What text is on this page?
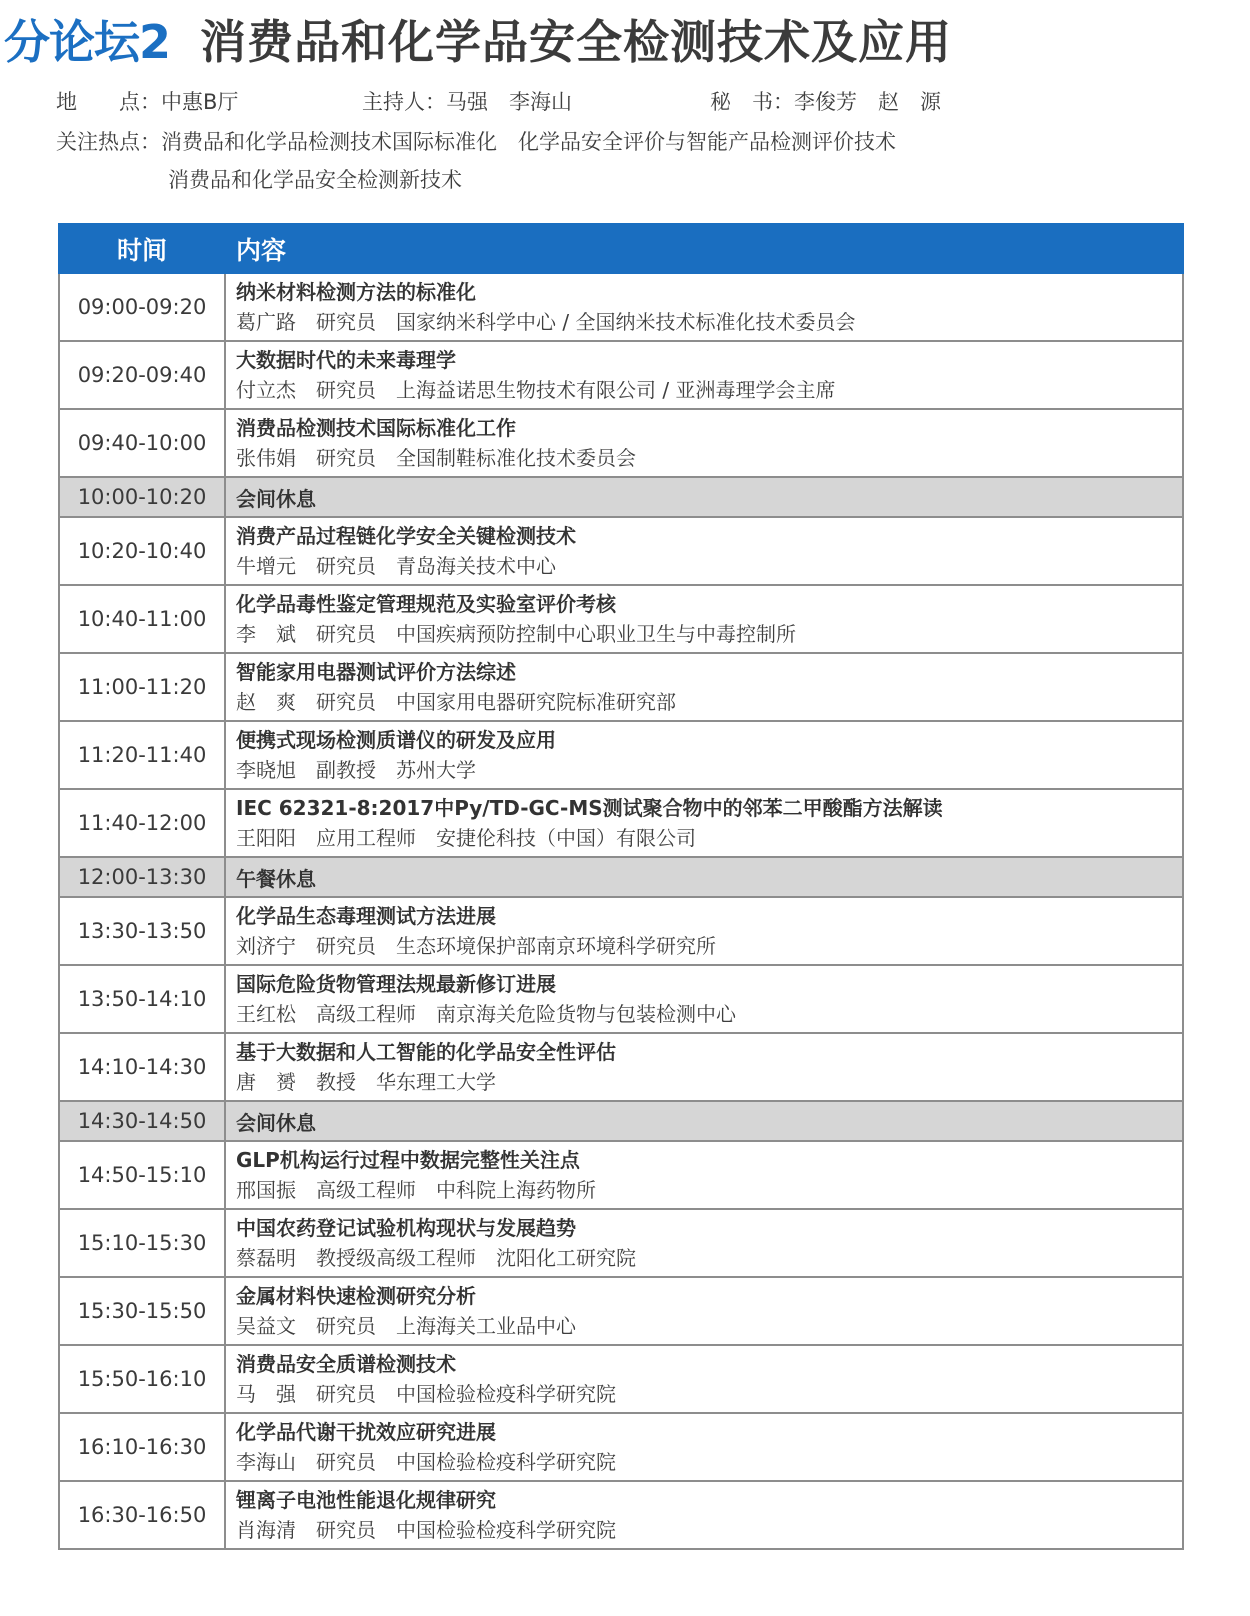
分论坛2 消费品和化学品安全检测技术及应用
地　　点：中惠B厅	主持人：马强　李海山	秘　书：李俊芳　赵　源
关注热点：消费品和化学品检测技术国际标准化　化学品安全评价与智能产品检测评价技术
消费品和化学品安全检测新技术
时间	内容
09:00-09:20	纳米材料检测方法的标准化
葛广路 研究员 国家纳米科学中心 / 全国纳米技术标准化技术委员会

09:20-09:40	大数据时代的未来毒理学
付立杰 研究员 上海益诺思生物技术有限公司 / 亚洲毒理学会主席

09:40-10:00	消费品检测技术国际标准化工作
张伟娟 研究员 全国制鞋标准化技术委员会

10:00-10:20	会间休息
10:20-10:40	消费产品过程链化学安全关键检测技术
牛增元 研究员 青岛海关技术中心

10:40-11:00	化学品毒性鉴定管理规范及实验室评价考核
李　斌 研究员 中国疾病预防控制中心职业卫生与中毒控制所

11:00-11:20	智能家用电器测试评价方法综述
赵　爽 研究员 中国家用电器研究院标准研究部

11:20-11:40	便携式现场检测质谱仪的研发及应用
李晓旭 副教授 苏州大学

11:40-12:00	IEC 62321-8:2017中Py/TD-GC-MS测试聚合物中的邻苯二甲酸酯方法解读
王阳阳 应用工程师 安捷伦科技（中国）有限公司

12:00-13:30	午餐休息
13:30-13:50	化学品生态毒理测试方法进展
刘济宁 研究员 生态环境保护部南京环境科学研究所

13:50-14:10	国际危险货物管理法规最新修订进展
王红松 高级工程师 南京海关危险货物与包装检测中心

14:10-14:30	基于大数据和人工智能的化学品安全性评估
唐　赟 教授 华东理工大学

14:30-14:50	会间休息
14:50-15:10	GLP机构运行过程中数据完整性关注点
邢国振 高级工程师 中科院上海药物所

15:10-15:30	中国农药登记试验机构现状与发展趋势
蔡磊明 教授级高级工程师 沈阳化工研究院

15:30-15:50	金属材料快速检测研究分析
吴益文 研究员 上海海关工业品中心

15:50-16:10	消费品安全质谱检测技术
马　强 研究员 中国检验检疫科学研究院

16:10-16:30	化学品代谢干扰效应研究进展
李海山 研究员 中国检验检疫科学研究院

16:30-16:50	锂离子电池性能退化规律研究
肖海清 研究员 中国检验检疫科学研究院
